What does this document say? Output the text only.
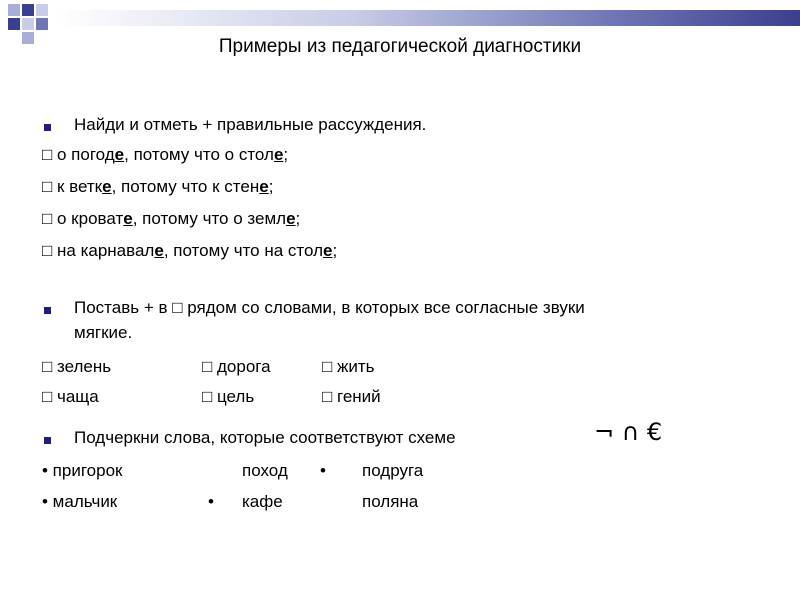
Примеры из педагогической диагностики
Найди и отметь + правильные рассуждения.
□ о погоде, потому что о столе;
□ к ветке, потому что к стене;
□ о кровате, потому что о земле;
□ на карнавале, потому что на столе;
Поставь + в □ рядом со словами, в которых все согласные звуки
мягкие.
□ зелень	□ дорога	□ жить
□ чаща	□ цель	□ гений
Подчеркни слова, которые соответствуют схеме	¬ ∩ €
• пригорок	поход • подруга
• мальчик	• кафе	поляна
